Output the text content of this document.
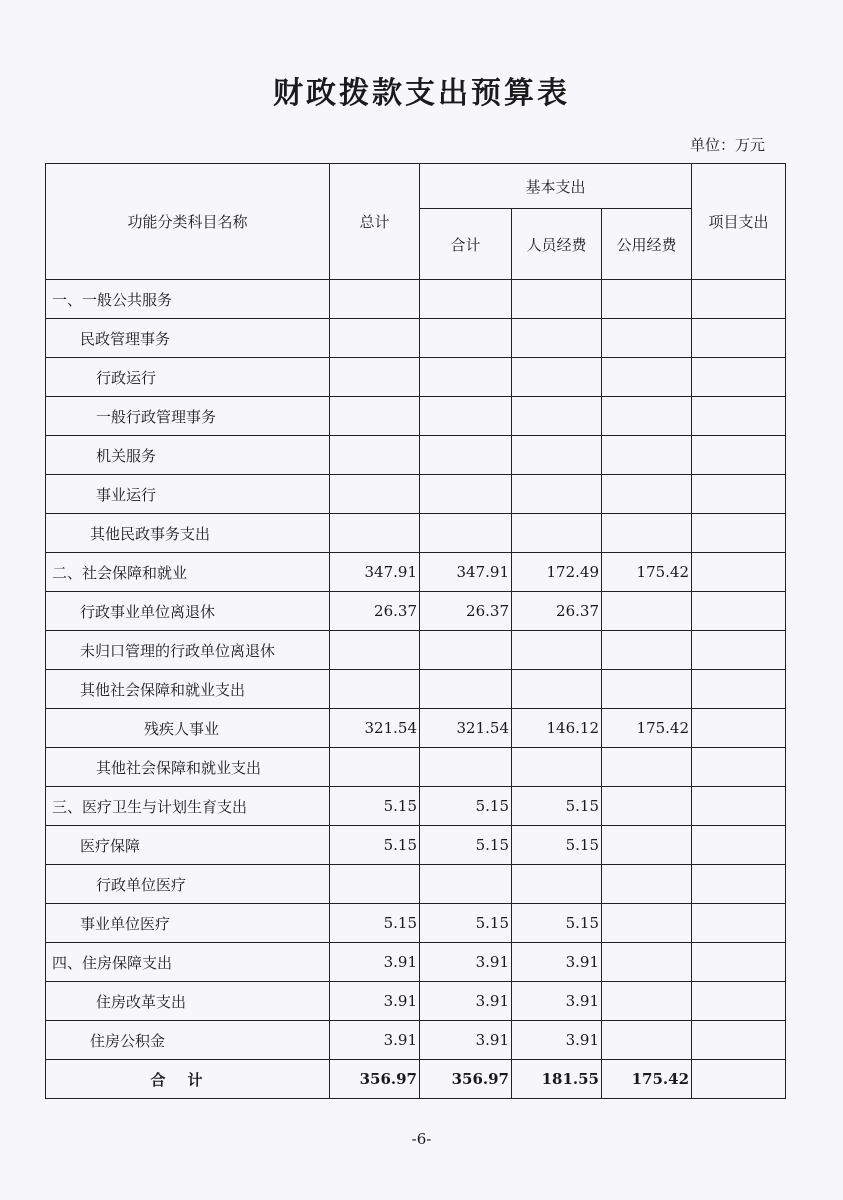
财政拨款支出预算表
单位：万元
功能分类科目名称	总计	基本支出			项目支出
		合计	人员经费	公用经费	
一、一般公共服务					
民政管理事务					
行政运行					
一般行政管理事务					
机关服务					
事业运行					
其他民政事务支出					
二、社会保障和就业	347.91	347.91	172.49	175.42	
行政事业单位离退休	26.37	26.37	26.37		
未归口管理的行政单位离退休					
其他社会保障和就业支出					
残疾人事业	321.54	321.54	146.12	175.42	
其他社会保障和就业支出					
三、医疗卫生与计划生育支出	5.15	5.15	5.15		
医疗保障	5.15	5.15	5.15		
行政单位医疗					
事业单位医疗	5.15	5.15	5.15		
四、住房保障支出	3.91	3.91	3.91		
住房改革支出	3.91	3.91	3.91		
住房公积金	3.91	3.91	3.91		
合计	356.97	356.97	181.55	175.42	
-6-
